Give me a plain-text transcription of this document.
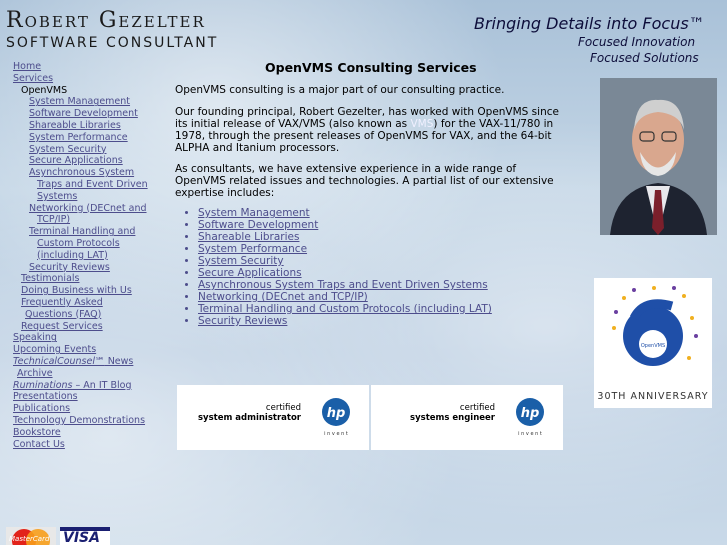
Robert Gezelter
SOFTWARE CONSULTANT
Bringing Details into Focus™
Focused Innovation
Focused Solutions
Home
Services
OpenVMS
System Management
Software Development
Shareable Libraries
System Performance
System Security
Secure Applications
Asynchronous System
Traps and Event Driven
Systems
Networking (DECnet and
TCP/IP)
Terminal Handling and
Custom Protocols
(including LAT)
Security Reviews
Testimonials
Doing Business with Us
Frequently Asked
Questions (FAQ)
Request Services
Speaking
Upcoming Events
TechnicalCounsel℠ News
Archive
Ruminations – An IT Blog
Presentations
Publications
Technology Demonstrations
Bookstore
Contact Us
OpenVMS Consulting Services
OpenVMS consulting is a major part of our consulting practice.
Our founding principal, Robert Gezelter, has worked with OpenVMS since its initial release of VAX/VMS (also known as VMS) for the VAX-11/780 in 1978, through the present releases of OpenVMS for VAX, and the 64-bit ALPHA and Itanium processors.
As consultants, we have extensive experience in a wide range of OpenVMS related issues and technologies. A partial list of our extensive expertise includes:
• System Management
• Software Development
• Shareable Libraries
• System Performance
• System Security
• Secure Applications
• Asynchronous System Traps and Event Driven Systems
• Networking (DECnet and TCP/IP)
• Terminal Handling and Custom Protocols (including LAT)
• Security Reviews
OpenVMS
30TH ANNIVERSARY
certified
system administrator hp
i n v e n t
certified
systems engineer hp
i n v e n t
MasterCard VISA
